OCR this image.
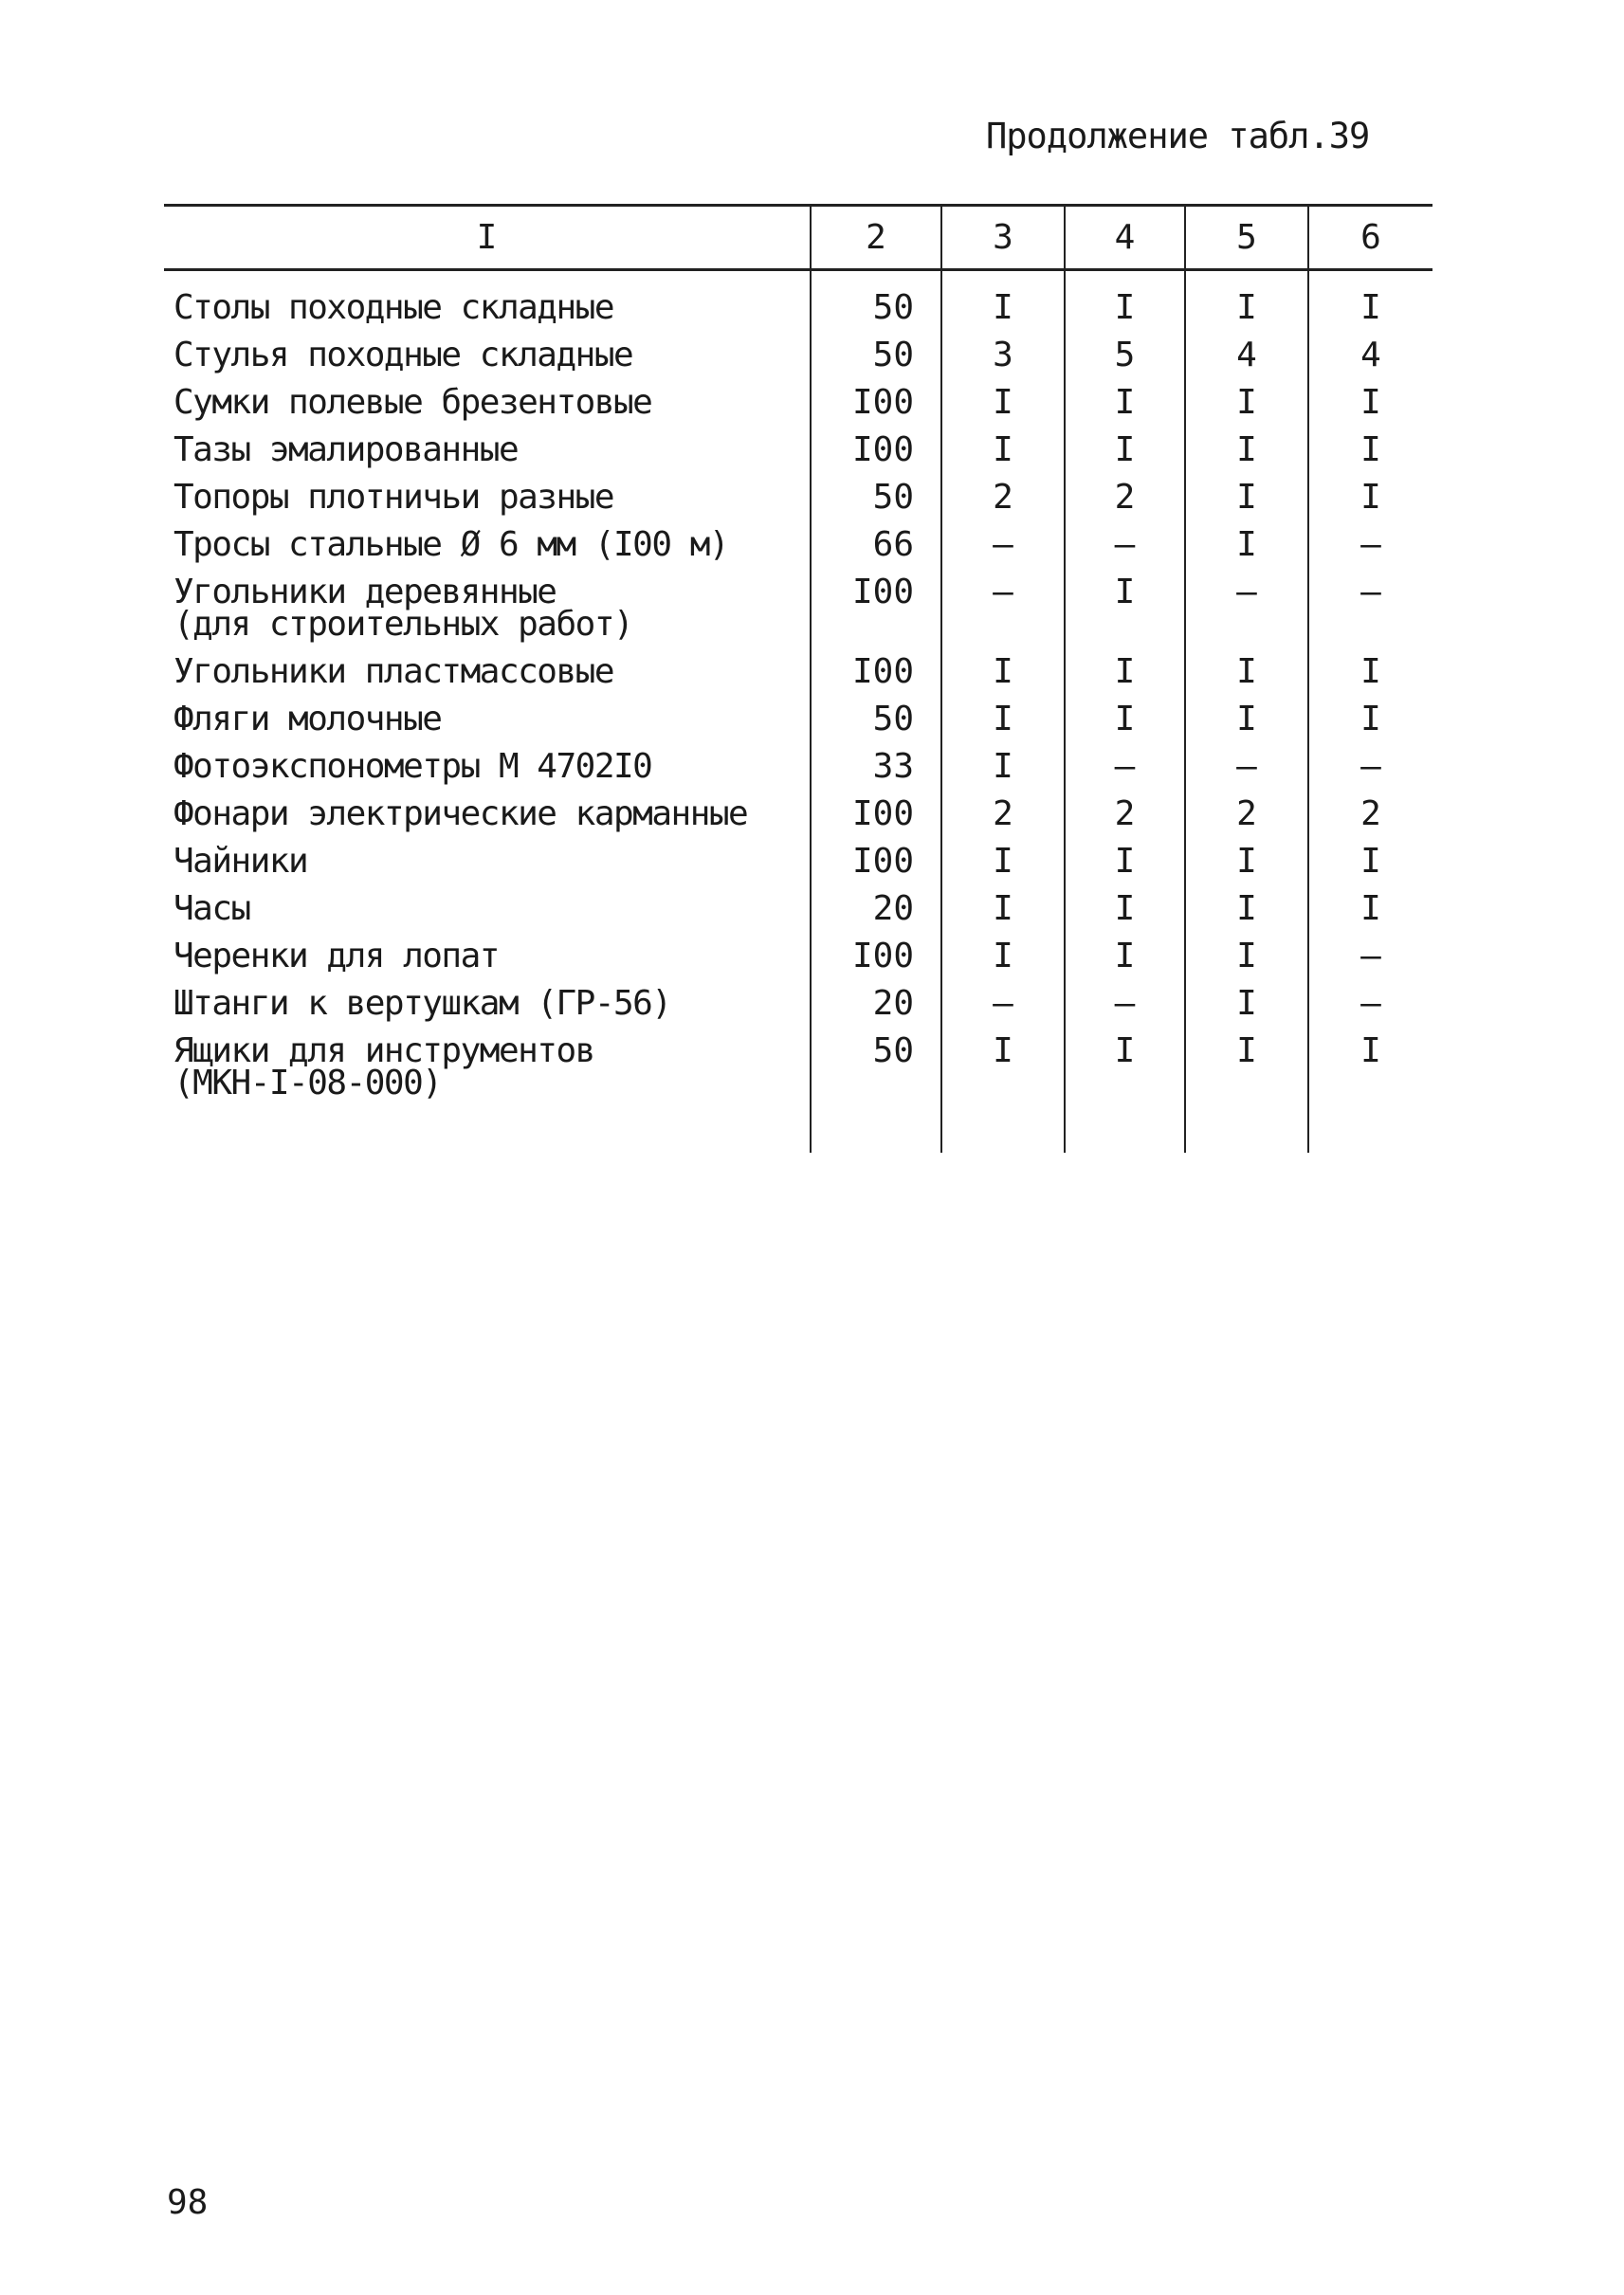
Продолжение табл.39
I	2	3	4	5	6
Столы походные складные	50	I	I	I	I
Стулья походные складные	50	3	5	4	4
Сумки полевые брезентовые	I00	I	I	I	I
Тазы эмалированные	I00	I	I	I	I
Топоры плотничьи разные	50	2	2	I	I
Тросы стальные Ø 6 мм (I00 м)	66	–	–	I	–
Угольники деревянные
(для строительных работ)	I00	–	I	–	–
Угольники пластмассовые	I00	I	I	I	I
Фляги молочные	50	I	I	I	I
Фотоэкспонометры М 4702I0	33	I	–	–	–
Фонари электрические карманные	I00	2	2	2	2
Чайники	I00	I	I	I	I
Часы	20	I	I	I	I
Черенки для лопат	I00	I	I	I	–
Штанги к вертушкам (ГР-56)	20	–	–	I	–
Ящики для инструментов
(МКН-I-08-000)	50	I	I	I	I

98
